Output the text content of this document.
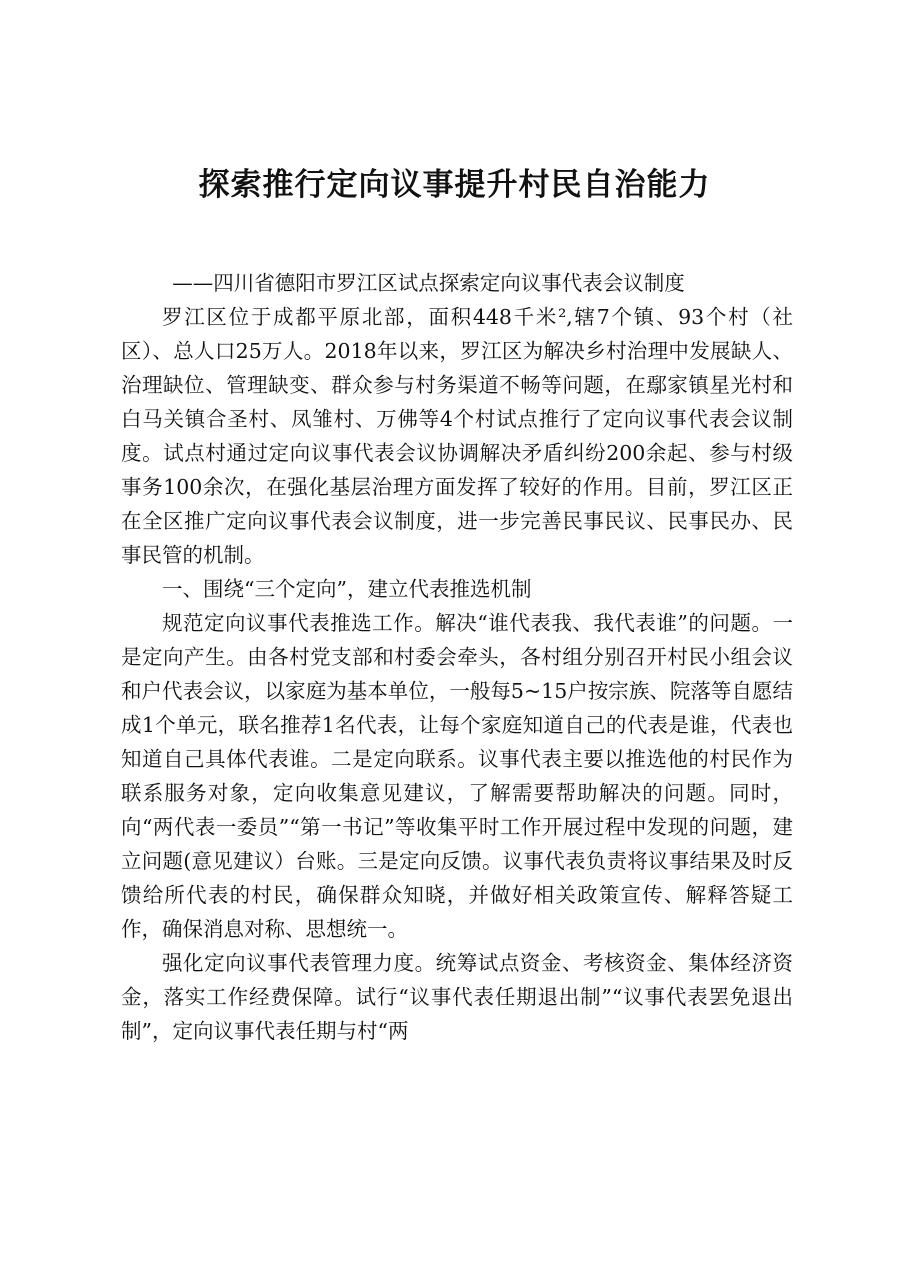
探索推行定向议事提升村民自治能力

——四川省德阳市罗江区试点探索定向议事代表会议制度

罗江区位于成都平原北部，面积448千米²,辖7个镇、93个村（社区）、总人口25万人。2018年以来，罗江区为解决乡村治理中发展缺人、治理缺位、管理缺变、群众参与村务渠道不畅等问题，在鄢家镇星光村和白马关镇合圣村、凤雏村、万佛等4个村试点推行了定向议事代表会议制度。试点村通过定向议事代表会议协调解决矛盾纠纷200余起、参与村级事务100余次，在强化基层治理方面发挥了较好的作用。目前，罗江区正在全区推广定向议事代表会议制度，进一步完善民事民议、民事民办、民事民管的机制。

一、围绕“三个定向”，建立代表推选机制

规范定向议事代表推选工作。解决“谁代表我、我代表谁”的问题。一是定向产生。由各村党支部和村委会牵头，各村组分别召开村民小组会议和户代表会议，以家庭为基本单位，一般每5~15户按宗族、院落等自愿结成1个单元，联名推荐1名代表，让每个家庭知道自己的代表是谁，代表也知道自己具体代表谁。二是定向联系。议事代表主要以推选他的村民作为联系服务对象，定向收集意见建议，了解需要帮助解决的问题。同时，向“两代表一委员”“第一书记”等收集平时工作开展过程中发现的问题，建立问题(意见建议）台账。三是定向反馈。议事代表负责将议事结果及时反馈给所代表的村民，确保群众知晓，并做好相关政策宣传、解释答疑工作，确保消息对称、思想统一。

强化定向议事代表管理力度。统筹试点资金、考核资金、集体经济资金，落实工作经费保障。试行“议事代表任期退出制”“议事代表罢免退出制”，定向议事代表任期与村“两
